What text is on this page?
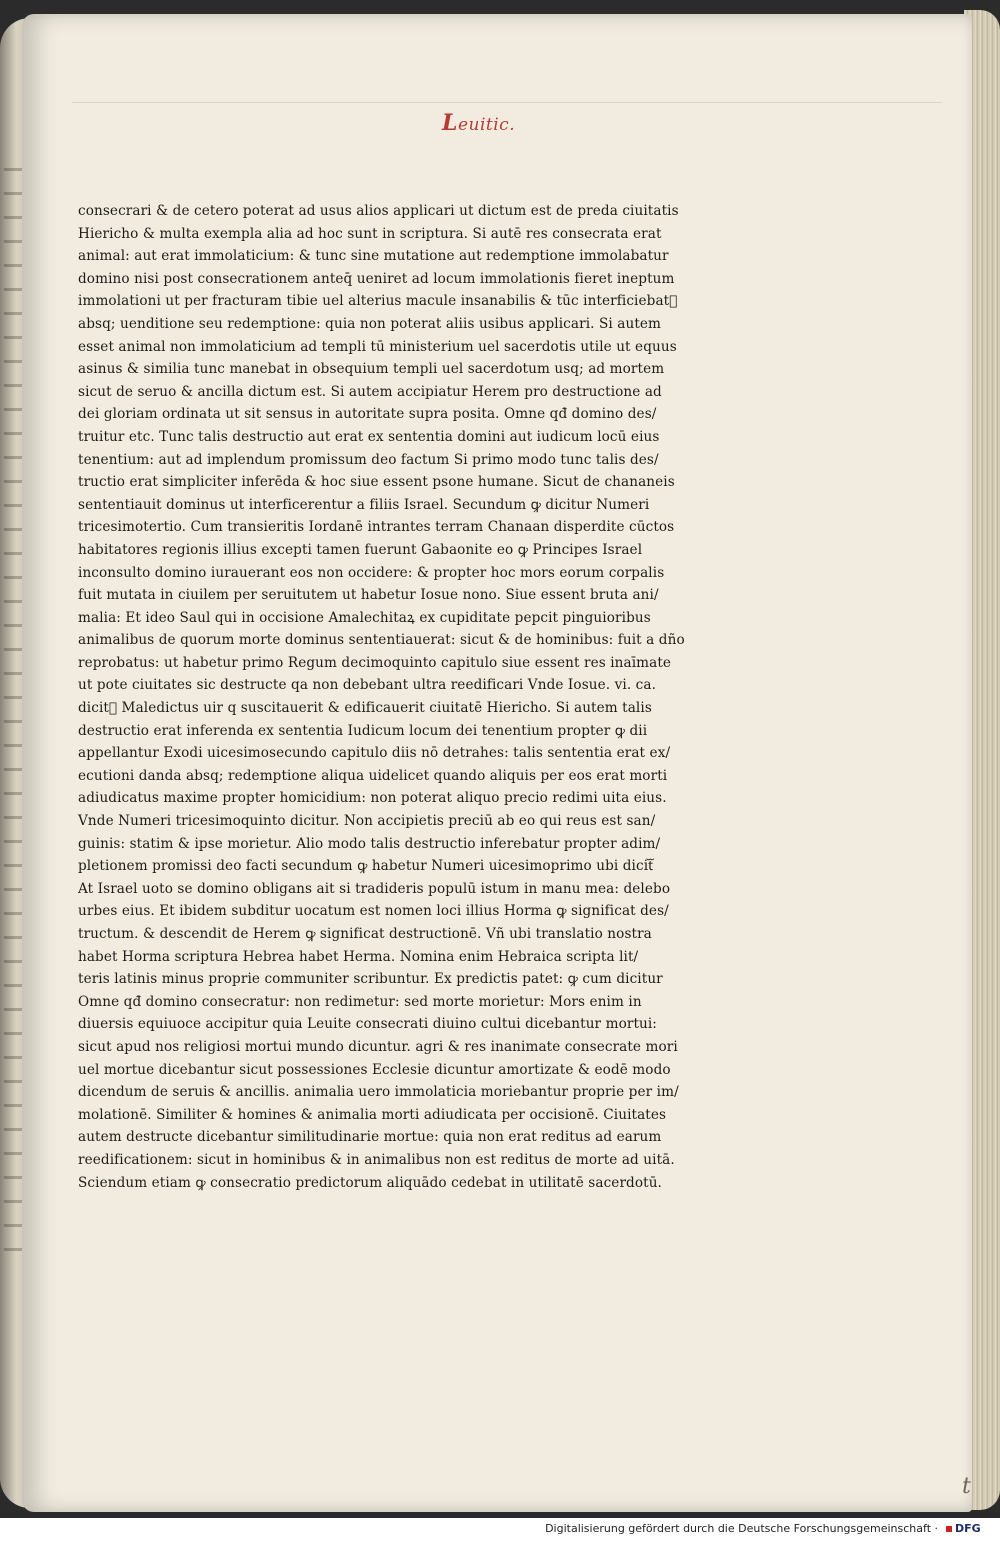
Leuitic.
t
consecrari & de cetero poterat ad usus alios applicari ut dictum est de preda ciuitatis
Hiericho & multa exempla alia ad hoc sunt in scriptura. Si autē res consecrata erat
animal: aut erat immolaticium: & tunc sine mutatione aut redemptione immolabatur
domino nisi post consecrationem anteq̄ ueniret ad locum immolationis fieret ineptum
immolationi ut per fracturam tibie uel alterius macule insanabilis & tūc interficiebatᷓ
absq; uenditione seu redemptione: quia non poterat aliis usibus applicari. Si autem
esset animal non immolaticium ad templi tū ministerium uel sacerdotis utile ut equus
asinus & similia tunc manebat in obsequium templi uel sacerdotum usq; ad mortem
sicut de seruo & ancilla dictum est. Si autem accipiatur Herem pro destructione ad
dei gloriam ordinata ut sit sensus in autoritate supra posita. Omne qđ domino des/
truitur etc. Tunc talis destructio aut erat ex sententia domini aut iudicum locū eius
tenentium: aut ad implendum promissum deo factum Si primo modo tunc talis des/
tructio erat simpliciter inferēda & hoc siue essent psone humane. Sicut de chananeis
sententiauit dominus ut interficerentur a filiis Israel. Secundum ꝙ dicitur Numeri
tricesimotertio. Cum transieritis Iordanē intrantes terram Chanaan disperdite cūctos
habitatores regionis illius excepti tamen fuerunt Gabaonite eo ꝙ Principes Israel
inconsulto domino iurauerant eos non occidere: & propter hoc mors eorum corpalis
fuit mutata in ciuilem per seruitutem ut habetur Iosue nono. Siue essent bruta ani/
malia: Et ideo Saul qui in occisione Amalechitaꝝ ex cupiditate pepcit pinguioribus
animalibus de quorum morte dominus sententiauerat: sicut & de hominibus: fuit a dño
reprobatus: ut habetur primo Regum decimoquinto capitulo siue essent res inaīmate
ut pote ciuitates sic destructe qa non debebant ultra reedificari Vnde Iosue. vi. ca.
dicitᷓ Maledictus uir q suscitauerit & edificauerit ciuitatē Hiericho. Si autem talis
destructio erat inferenda ex sententia Iudicum locum dei tenentium propter ꝙ dii
appellantur Exodi uicesimosecundo capitulo diis nō detrahes: talis sententia erat ex/
ecutioni danda absq; redemptione aliqua uidelicet quando aliquis per eos erat morti
adiudicatus maxime propter homicidium: non poterat aliquo precio redimi uita eius.
Vnde Numeri tricesimoquinto dicitur. Non accipietis preciū ab eo qui reus est san/
guinis: statim & ipse morietur. Alio modo talis destructio inferebatur propter adim/
pletionem promissi deo facti secundum ꝙ habetur Numeri uicesimoprimo ubi dicitᷓ
At Israel uoto se domino obligans ait si tradideris populū istum in manu mea: delebo
urbes eius. Et ibidem subditur uocatum est nomen loci illius Horma ꝙ significat des/
tructum. & descendit de Herem ꝙ significat destructionē. Vñ ubi translatio nostra
habet Horma scriptura Hebrea habet Herma. Nomina enim Hebraica scripta lit/
teris latinis minus proprie communiter scribuntur. Ex predictis patet: ꝙ cum dicitur
Omne qđ domino consecratur: non redimetur: sed morte morietur: Mors enim in
diuersis equiuoce accipitur quia Leuite consecrati diuino cultui dicebantur mortui:
sicut apud nos religiosi mortui mundo dicuntur. agri & res inanimate consecrate mori
uel mortue dicebantur sicut possessiones Ecclesie dicuntur amortizate & eodē modo
dicendum de seruis & ancillis. animalia uero immolaticia moriebantur proprie per im/
molationē. Similiter & homines & animalia morti adiudicata per occisionē. Ciuitates
autem destructe dicebantur similitudinarie mortue: quia non erat reditus ad earum
reedificationem: sicut in hominibus & in animalibus non est reditus de morte ad uitā.
Sciendum etiam ꝙ consecratio predictorum aliquādo cedebat in utilitatē sacerdotū.
Digitalisierung gefördert durch die Deutsche Forschungsgemeinschaft ·	DFG
